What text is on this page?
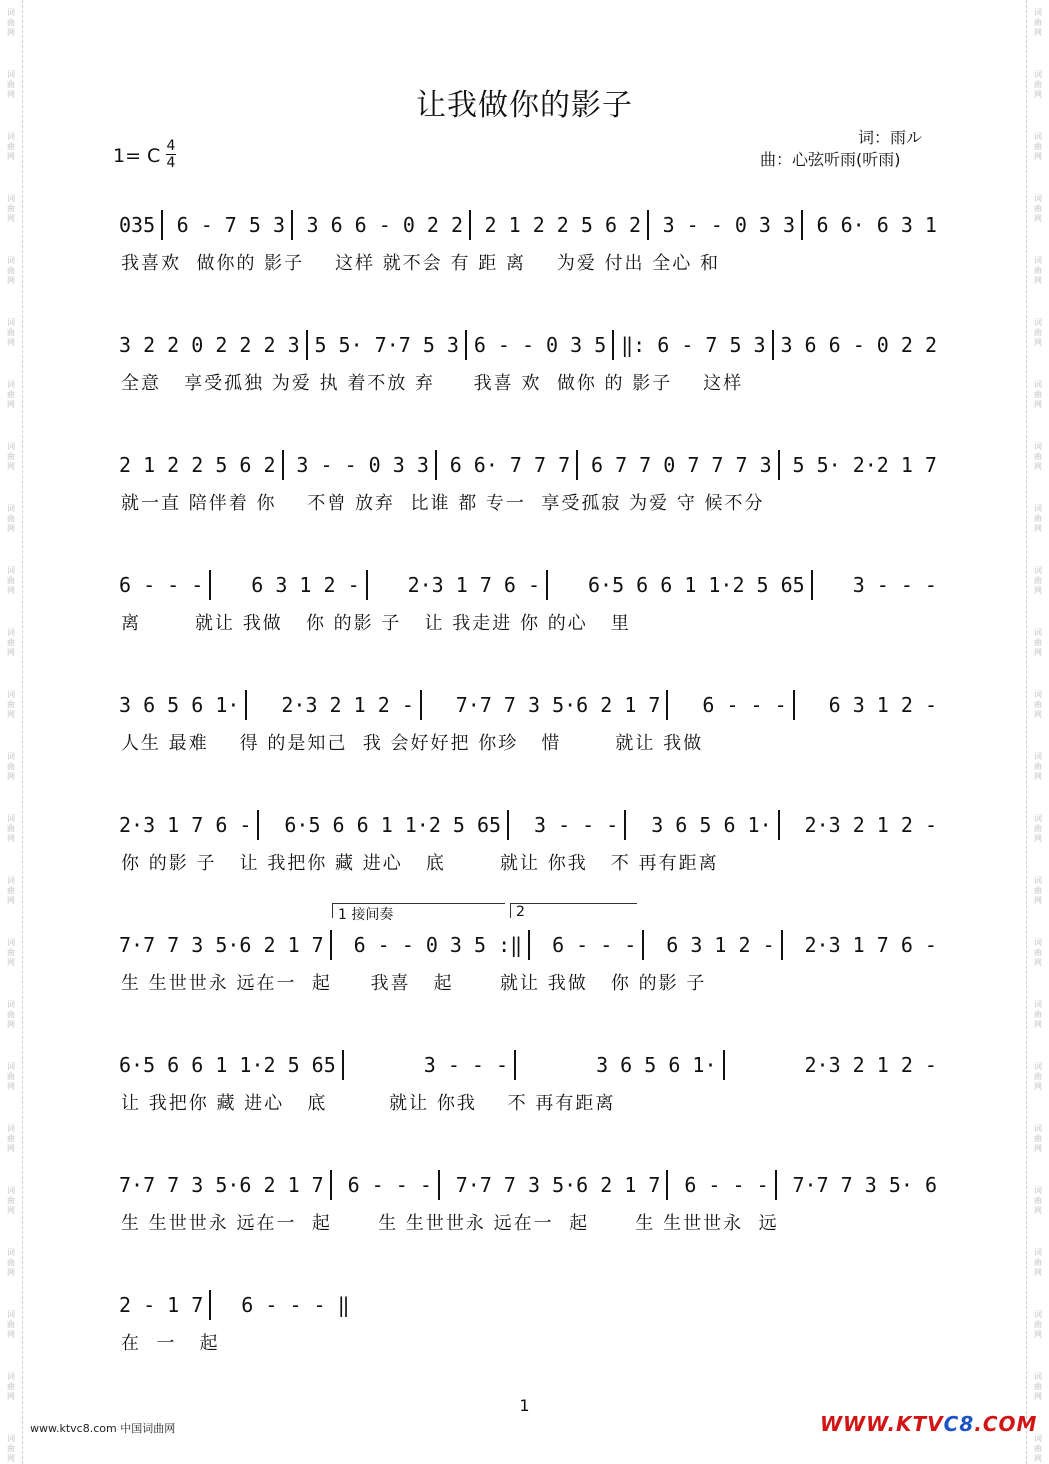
词
曲
网
词
曲
网
词
曲
网
词
曲
网
词
曲
网
词
曲
网
词
曲
网
词
曲
网
词
曲
网
词
曲
网
词
曲
网
词
曲
网
词
曲
网
词
曲
网
词
曲
网
词
曲
网
词
曲
网
词
曲
网
词
曲
网
词
曲
网
词
曲
网
词
曲
网
词
曲
网
词
曲
网
词
曲
网
词
曲
网
词
曲
网
词
曲
网
词
曲
网
词
曲
网
词
曲
网
词
曲
网
词
曲
网
词
曲
网
词
曲
网
词
曲
网
词
曲
网
词
曲
网
词
曲
网
词
曲
网
词
曲
网
词
曲
网
词
曲
网
词
曲
网
词
曲
网
词
曲
网
词
曲
网
词
曲
网
让我做你的影子
1= C 4
4
词：雨ル
曲：心弦听雨(听雨)
035	6 - 7 5 3	3 6 6 - 0 2 2	2 1 2 2 5 6 2	3 - - 0 3 3	6 6· 6 3 1
我喜欢  做你的 影子    这样 就不会 有 距 离    为爱 付出 全心 和
3 2 2 0 2 2 2 3 5 5· 7·7 5 3 6 - - 0 3 5 ‖: 6 - 7 5 3 3 6 6 - 0 2 2
全意   享受孤独 为爱 执 着不放 弃     我喜 欢  做你 的 影子    这样
2 1 2 2 5 6 2	3 - - 0 3 3	6 6· 7 7 7	6 7 7 0 7 7 7 3	5 5· 2·2 1 7
就一直 陪伴着 你    不曾 放弃  比谁 都 专一  享受孤寂 为爱 守 候不分
6 - - -	6 3 1 2 -	2·3 1 7 6 -	6·5 6 6 1 1·2 5 65	3 - - -
离       就让 我做   你 的影 子   让 我走进 你 的心   里
3 6 5 6 1·	2·3 2 1 2 -	7·7 7 3 5·6 2 1 7	6 - - -	6 3 1 2 -
人生 最难    得 的是知己  我 会好好把 你珍   惜       就让 我做
2·3 1 7 6 -	6·5 6 6 1 1·2 5 65	3 - - -	3 6 5 6 1·	2·3 2 1 2 -
你 的影 子   让 我把你 藏 进心   底       就让 你我   不 再有距离
7·7 7 3 5·6 2 1 7	6 - - 0 3 5 :‖	6 - - -	6 3 1 2 -	2·3 1 7 6 -
生 生世世永 远在一  起     我喜   起      就让 我做   你 的影 子
6·5 6 6 1 1·2 5 65	3 - - -	3 6 5 6 1·	2·3 2 1 2 -
让 我把你 藏 进心   底        就让 你我    不 再有距离
7·7 7 3 5·6 2 1 7	6 - - -	7·7 7 3 5·6 2 1 7	6 - - -	7·7 7 3 5· 6
生 生世世永 远在一  起      生 生世世永 远在一  起      生 生世世永  远
2 - 1 7	6 - - - ‖
在  一   起
1 接间奏	2
1
www.ktvc8.com 中国词曲网	WWW.KTVC8.COM
